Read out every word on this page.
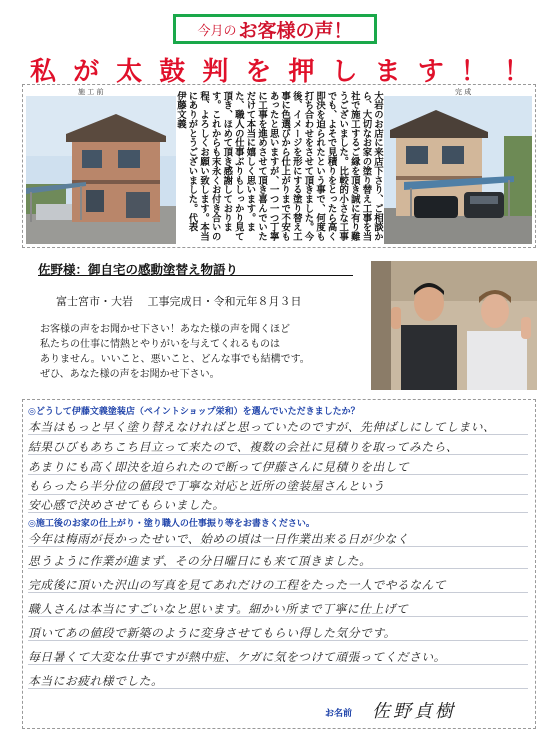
今月の お客様の声！
私 が 太 鼓 判 を 押 し ま す ！ ！
施 工 前	完 成
大岩のお店に来店下さり、ご相談から、大切なお家の塗り替え工事を当社で施工するご縁を頂き誠に有り難うございました。比較的小さな工事でも、よそで見積りをとったら高く即決を迫られたという事で、何度も打ち合わせをさせて頂きました。今後、イメージを形にする塗り替え工事に色選びから仕上がりまで不安もあったと思いますが、一つ一つ丁寧に工事を進めさせて頂き喜んでいただけて本当に嬉しく思います。また、職人の仕事ぶりもしっかり見て頂き、ほめて頂き感謝しております。これからも末永くお付き合いの程、よろしくお願い致します。本当にありがとうございました。代表　伊藤文義
佐野様：御自宅の感動塗替え物語り
富士宮市・大岩　 工事完成日・令和元年８月３日
お客様の声をお聞かせ下さい！あなた様の声を聞くほど
私たちの仕事に情熱とやりがいを与えてくれるものは
ありません。いいこと、悪いこと、どんな事でも結構です。
ぜひ、あなた様の声をお聞かせ下さい。
◎どうして伊藤文義塗装店（ペイントショップ栄和）を選んでいただきましたか？
本当はもっと早く塗り替えなければと思っていたのですが、先伸ばしにしてしまい、
結果ひびもあちこち目立って来たので、複数の会社に見積りを取ってみたら、
あまりにも高く即決を迫られたので断って伊藤さんに見積りを出して
もらったら半分位の値段で丁寧な対応と近所の塗装屋さんという
安心感で決めさせてもらいました。
◎施工後のお家の仕上がり・塗り職人の仕事振り等をお書きください。
今年は梅雨が長かったせいで、始めの頃は一日作業出来る日が少なく
思うように作業が進まず、その分日曜日にも来て頂きました。
完成後に頂いた沢山の写真を見てあれだけの工程をたった一人でやるなんて
職人さんは本当にすごいなと思います。細かい所まで丁寧に仕上げて
頂いてあの値段で新築のように変身させてもらい得した気分です。
毎日暑くて大変な仕事ですが熱中症、ケガに気をつけて頑張ってください。
本当にお疲れ様でした。
お名前 佐野貞樹
